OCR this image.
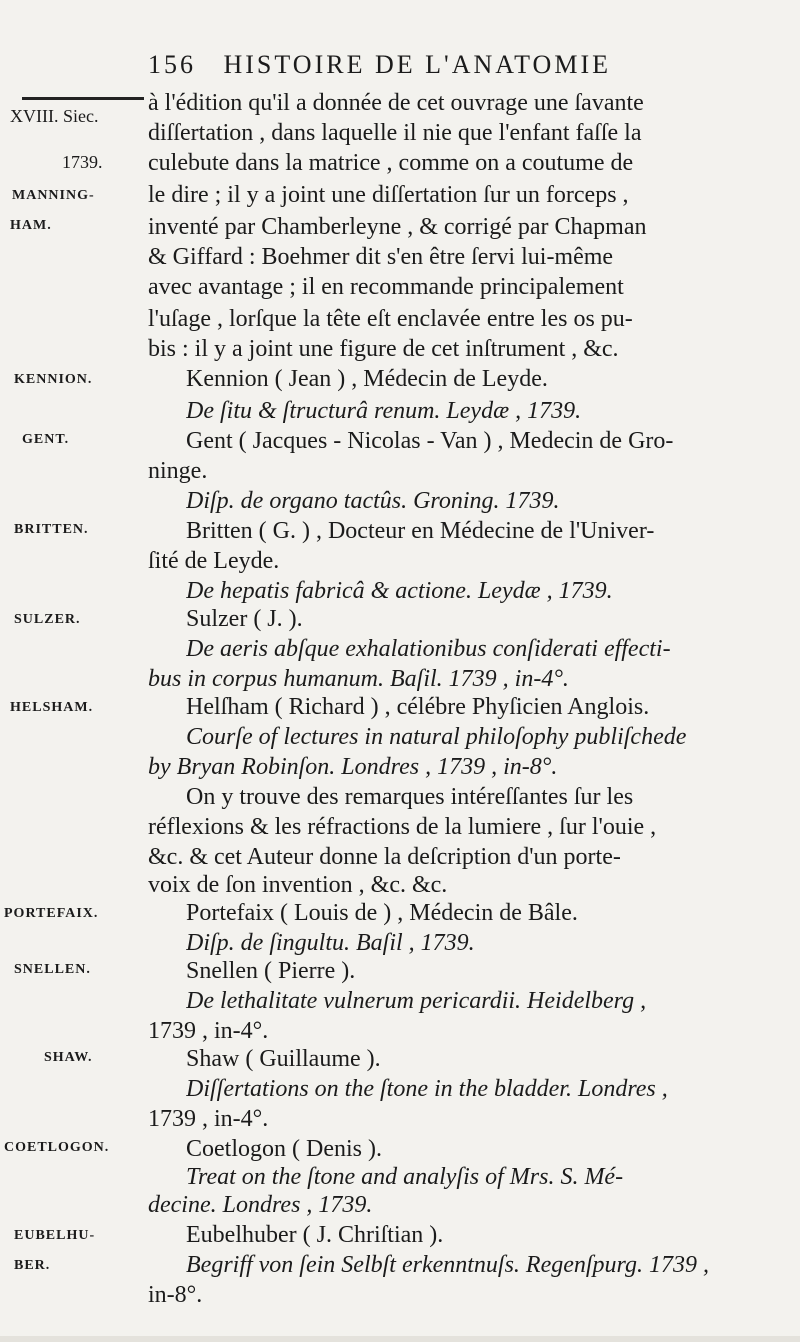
156 HISTOIRE DE L'ANATOMIE
XVIII. Siec.
1739.
MANNING-
HAM.
KENNION.
GENT.
BRITTEN.
SULZER.
HELSHAM.
PORTEFAIX.
SNELLEN.
SHAW.
COETLOGON.
EUBELHU-
BER.
à l'édition qu'il a donnée de cet ouvrage une ſavante
diſſertation , dans laquelle il nie que l'enfant faſſe la
culebute dans la matrice , comme on a coutume de
le dire ; il y a joint une diſſertation ſur un forceps ,
inventé par Chamberleyne , & corrigé par Chapman
& Giffard : Boehmer dit s'en être ſervi lui-même
avec avantage ; il en recommande principalement
l'uſage , lorſque la tête eſt enclavée entre les os pu-
bis : il y a joint une figure de cet inſtrument , &c.
Kennion ( Jean ) , Médecin de Leyde.
De ſitu & ſtructurâ renum. Leydæ , 1739.
Gent ( Jacques - Nicolas - Van ) , Medecin de Gro-
ninge.
Diſp. de organo tactûs. Groning. 1739.
Britten ( G. ) , Docteur en Médecine de l'Univer-
ſité de Leyde.
De hepatis fabricâ & actione. Leydæ , 1739.
Sulzer ( J. ).
De aeris abſque exhalationibus conſiderati effecti-
bus in corpus humanum. Baſil. 1739 , in-4°.
Helſham ( Richard ) , célébre Phyſicien Anglois.
Courſe of lectures in natural philoſophy publiſchede
by Bryan Robinſon. Londres , 1739 , in-8°.
On y trouve des remarques intéreſſantes ſur les
réflexions & les réfractions de la lumiere , ſur l'ouie ,
&c. & cet Auteur donne la deſcription d'un porte-
voix de ſon invention , &c. &c.
Portefaix ( Louis de ) , Médecin de Bâle.
Diſp. de ſingultu. Baſil , 1739.
Snellen ( Pierre ).
De lethalitate vulnerum pericardii. Heidelberg ,
1739 , in-4°.
Shaw ( Guillaume ).
Diſſertations on the ſtone in the bladder. Londres ,
1739 , in-4°.
Coetlogon ( Denis ).
Treat on the ſtone and analyſis of Mrs. S. Mé-
decine. Londres , 1739.
Eubelhuber ( J. Chriſtian ).
Begriff von ſein Selbſt erkenntnuſs. Regenſpurg. 1739 ,
in-8°.
